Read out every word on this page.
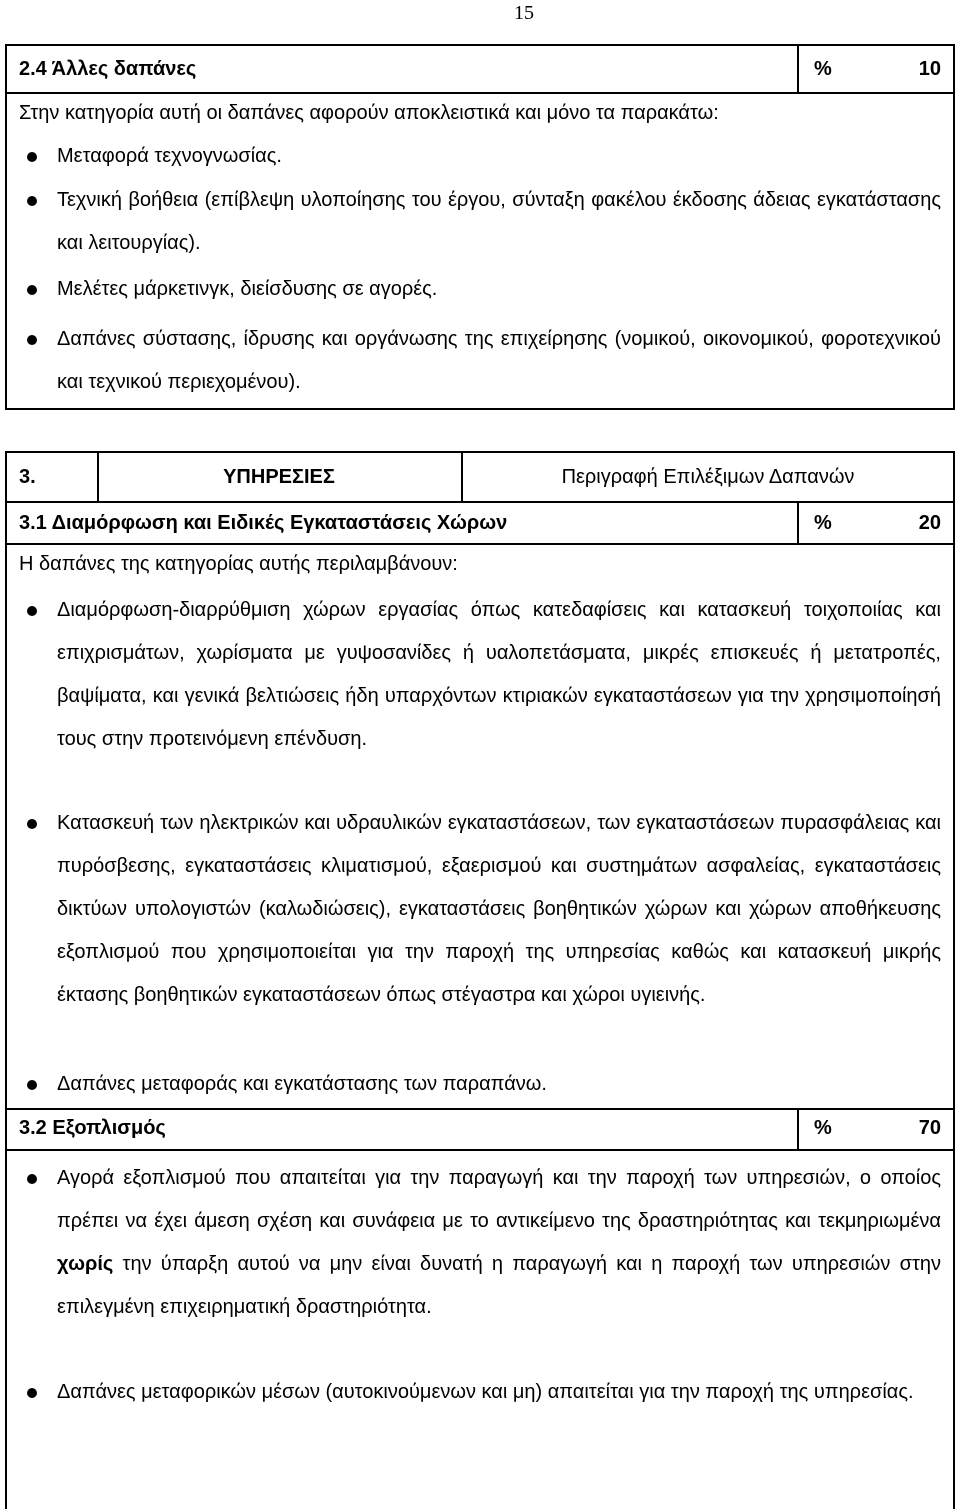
15
2.4 Άλλες δαπάνες	%	10
Στην κατηγορία αυτή οι δαπάνες αφορούν αποκλειστικά και μόνο τα παρακάτω:
Μεταφορά τεχνογνωσίας.
Τεχνική βοήθεια (επίβλεψη υλοποίησης του έργου, σύνταξη φακέλου έκδοσης άδειας εγκατάστασης και λειτουργίας).
Μελέτες μάρκετινγκ, διείσδυσης σε αγορές.
Δαπάνες σύστασης, ίδρυσης και οργάνωσης της επιχείρησης (νομικού, οικονομικού, φοροτεχνικού και τεχνικού περιεχομένου).
3.	ΥΠΗΡΕΣΙΕΣ	Περιγραφή Επιλέξιμων Δαπανών
3.1 Διαμόρφωση και Ειδικές Εγκαταστάσεις Χώρων	%	20
Η δαπάνες της κατηγορίας αυτής περιλαμβάνουν:
Διαμόρφωση-διαρρύθμιση χώρων εργασίας όπως κατεδαφίσεις και κατασκευή τοιχοποιίας και επιχρισμάτων, χωρίσματα με γυψοσανίδες ή υαλοπετάσματα, μικρές επισκευές ή μετατροπές, βαψίματα, και γενικά βελτιώσεις ήδη υπαρχόντων κτιριακών εγκαταστάσεων για την χρησιμοποίησή τους στην προτεινόμενη επένδυση.
Κατασκευή των ηλεκτρικών και υδραυλικών εγκαταστάσεων, των εγκαταστάσεων πυρασφάλειας και πυρόσβεσης, εγκαταστάσεις κλιματισμού, εξαερισμού και συστημάτων ασφαλείας, εγκαταστάσεις δικτύων υπολογιστών (καλωδιώσεις), εγκαταστάσεις βοηθητικών χώρων και χώρων αποθήκευσης εξοπλισμού που χρησιμοποιείται για την παροχή της υπηρεσίας καθώς και κατασκευή μικρής έκτασης βοηθητικών εγκαταστάσεων όπως στέγαστρα και χώροι υγιεινής.
Δαπάνες μεταφοράς και εγκατάστασης των παραπάνω.
3.2 Εξοπλισμός	%	70
Αγορά εξοπλισμού που απαιτείται για την παραγωγή και την παροχή των υπηρεσιών, ο οποίος πρέπει να έχει άμεση σχέση και συνάφεια με το αντικείμενο της δραστηριότητας και τεκμηριωμένα χωρίς την ύπαρξη αυτού να μην είναι δυνατή η παραγωγή και η παροχή των υπηρεσιών στην επιλεγμένη επιχειρηματική δραστηριότητα.
Δαπάνες μεταφορικών μέσων (αυτοκινούμενων και μη) απαιτείται για την παροχή της υπηρεσίας.
